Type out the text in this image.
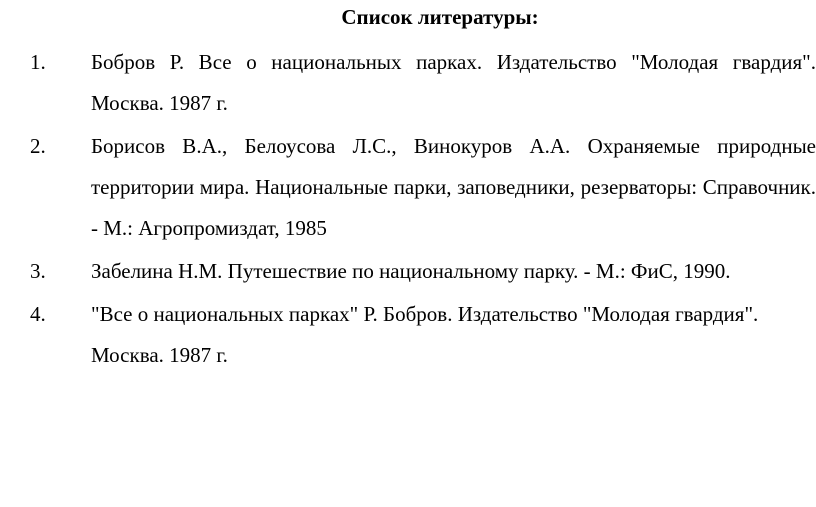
Список литературы:
1. Бобров Р. Все о национальных парках. Издательство "Молодая гвардия". Москва. 1987 г.
2. Борисов В.А., Белоусова Л.С., Винокуров А.А. Охраняемые природные территории мира. Национальные парки, заповедники, резерваторы: Справочник. - М.: Агропромиздат, 1985
3. Забелина Н.М. Путешествие по национальному парку. - М.: ФиС, 1990.
4. "Все о национальных парках" Р. Бобров. Издательство "Молодая гвардия".
Москва. 1987 г.
